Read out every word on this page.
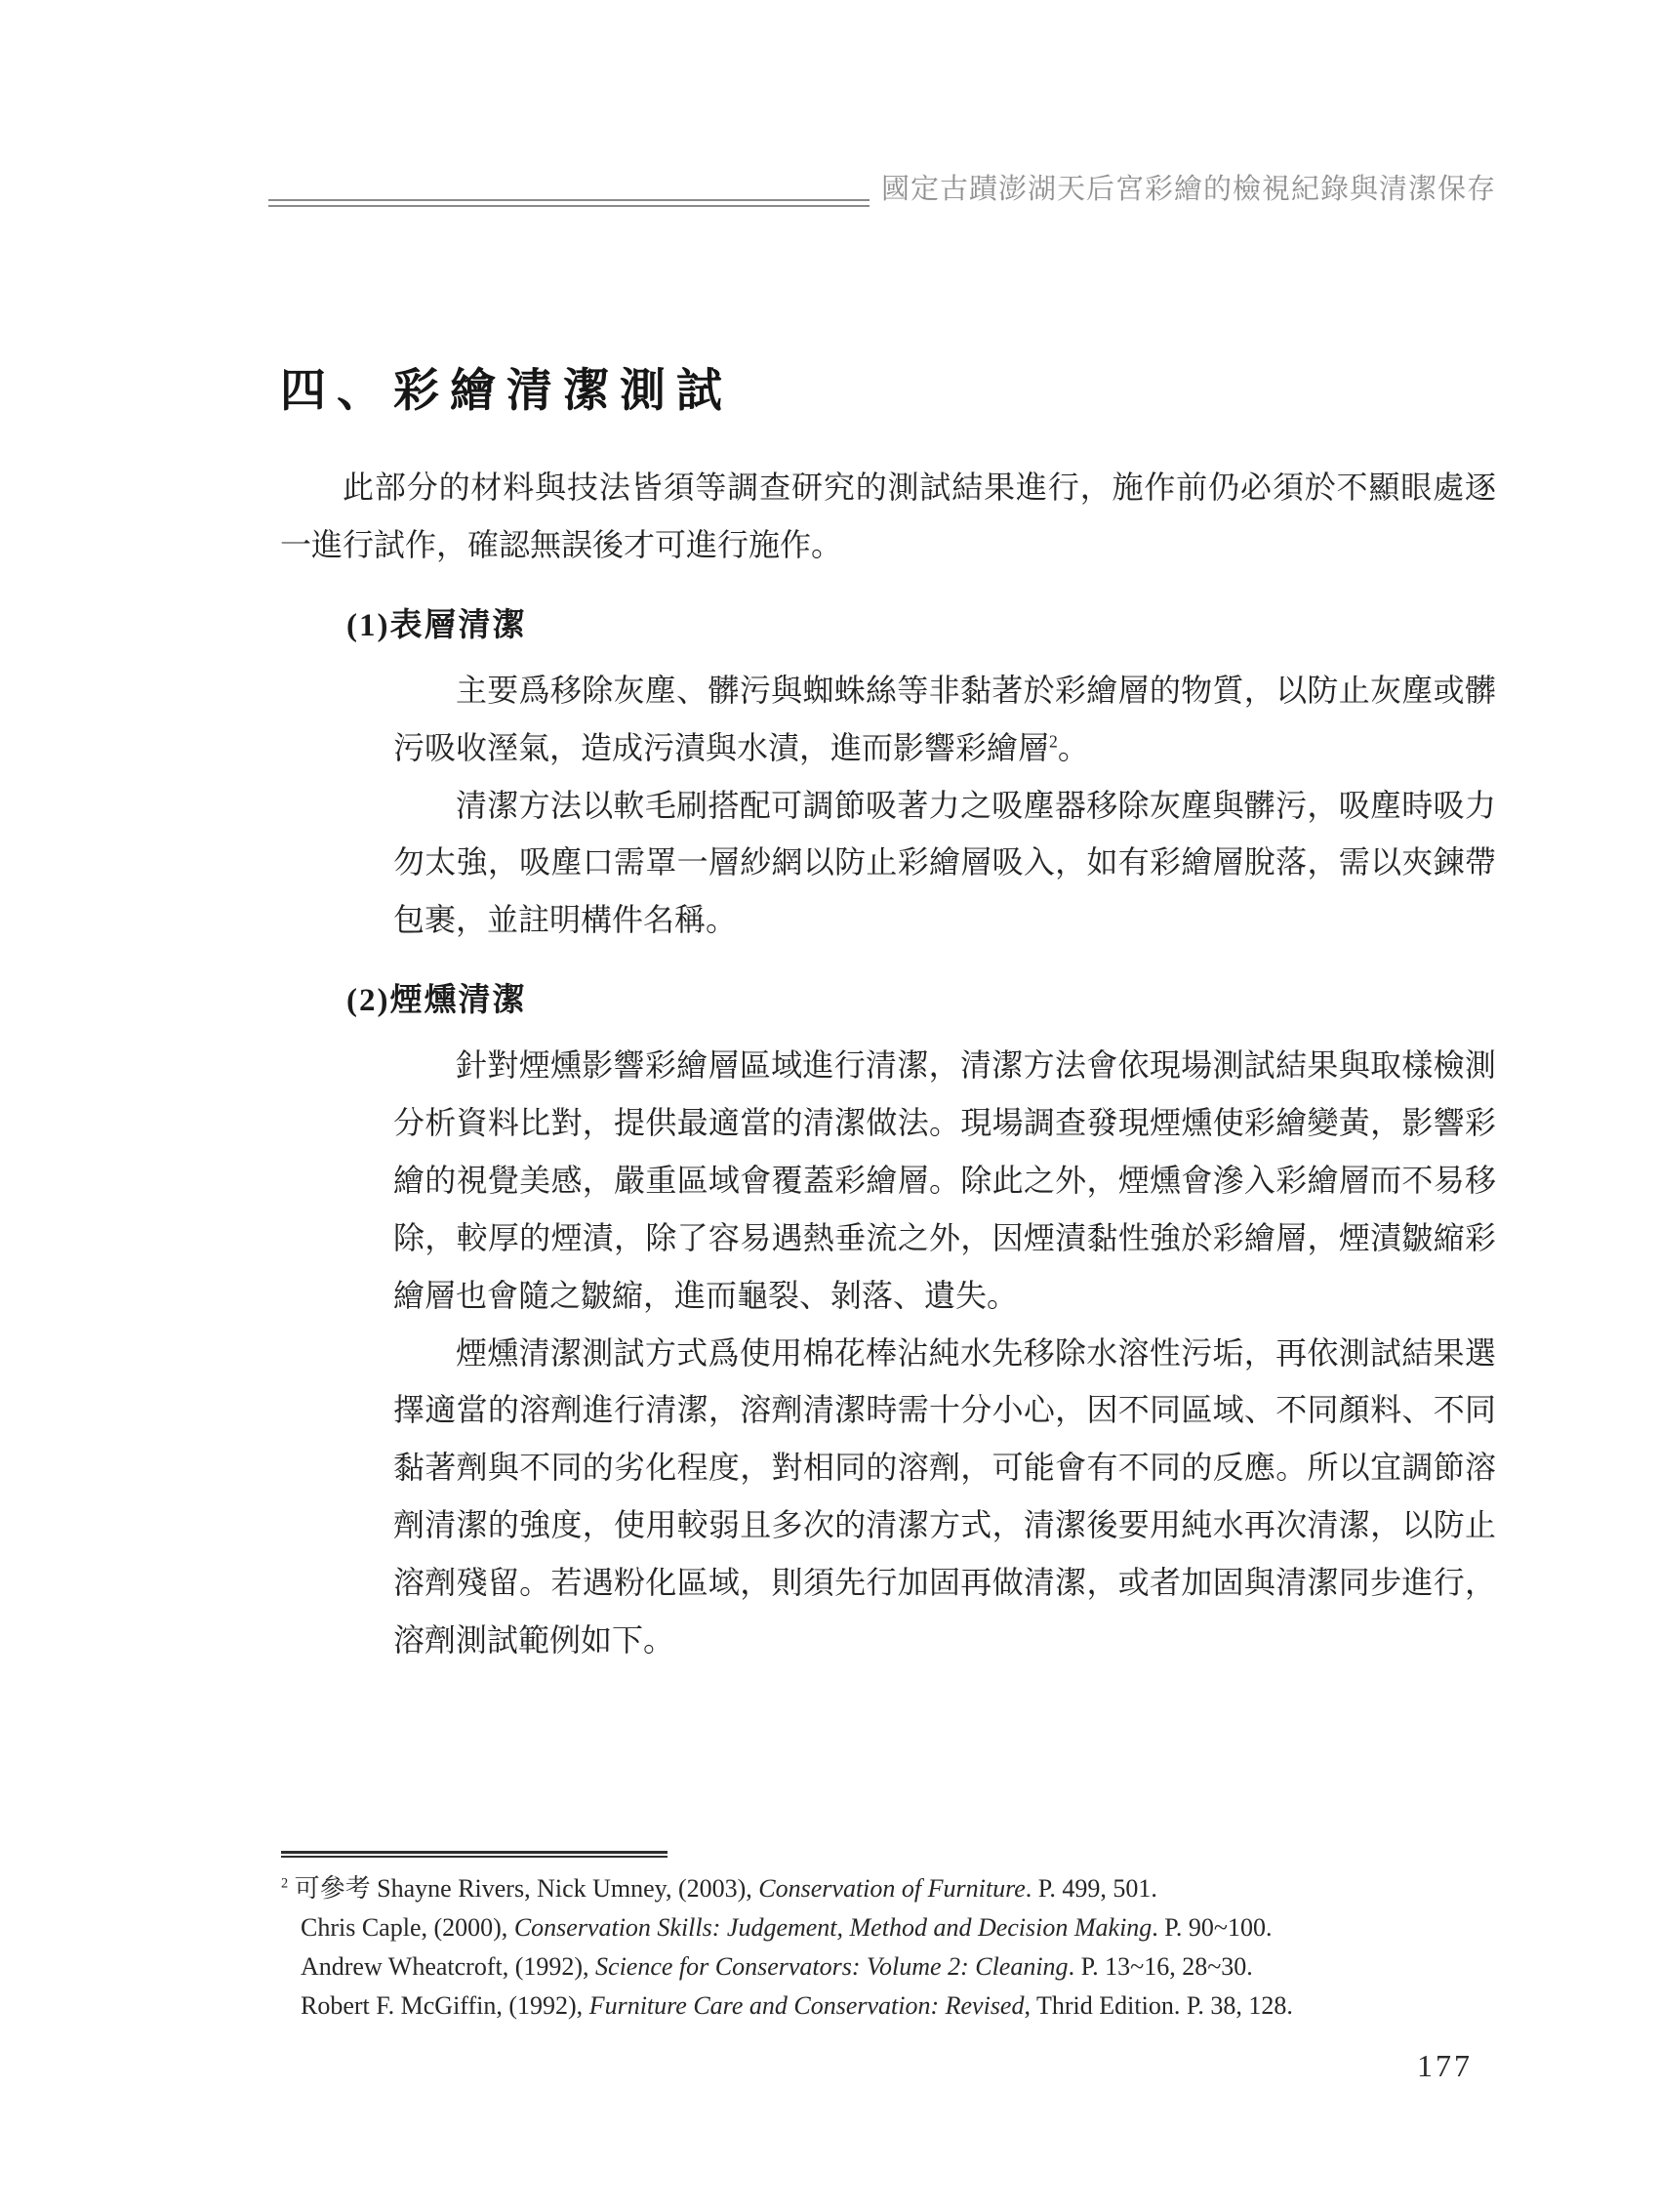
國定古蹟澎湖天后宮彩繪的檢視紀錄與清潔保存
四、彩繪清潔測試

此部分的材料與技法皆須等調查研究的測試結果進行，施作前仍必須於不顯眼處逐一進行試作，確認無誤後才可進行施作。

(1)表層清潔

主要爲移除灰塵、髒污與蜘蛛絲等非黏著於彩繪層的物質，以防止灰塵或髒污吸收溼氣，造成污漬與水漬，進而影響彩繪層$^2$。

清潔方法以軟毛刷搭配可調節吸著力之吸塵器移除灰塵與髒污，吸塵時吸力勿太強，吸塵口需罩一層紗網以防止彩繪層吸入，如有彩繪層脫落，需以夾鍊帶包裹，並註明構件名稱。

(2)煙燻清潔

針對煙燻影響彩繪層區域進行清潔，清潔方法會依現場測試結果與取樣檢測分析資料比對，提供最適當的清潔做法。現場調查發現煙燻使彩繪變黃，影響彩繪的視覺美感，嚴重區域會覆蓋彩繪層。除此之外，煙燻會滲入彩繪層而不易移除，較厚的煙漬，除了容易遇熱垂流之外，因煙漬黏性強於彩繪層，煙漬皺縮彩繪層也會隨之皺縮，進而龜裂、剝落、遺失。

煙燻清潔測試方式爲使用棉花棒沾純水先移除水溶性污垢，再依測試結果選擇適當的溶劑進行清潔，溶劑清潔時需十分小心，因不同區域、不同顏料、不同黏著劑與不同的劣化程度，對相同的溶劑，可能會有不同的反應。所以宜調節溶劑清潔的強度，使用較弱且多次的清潔方式，清潔後要用純水再次清潔，以防止溶劑殘留。若遇粉化區域，則須先行加固再做清潔，或者加固與清潔同步進行，溶劑測試範例如下。

$^2$ 可參考 Shayne Rivers, Nick Umney, (2003), Conservation of Furniture. P. 499, 501.
Chris Caple, (2000), Conservation Skills: Judgement, Method and Decision Making. P. 90~100.
Andrew Wheatcroft, (1992), Science for Conservators: Volume 2: Cleaning. P. 13~16, 28~30.
Robert F. McGiffin, (1992), Furniture Care and Conservation: Revised, Thrid Edition. P. 38, 128.
177
